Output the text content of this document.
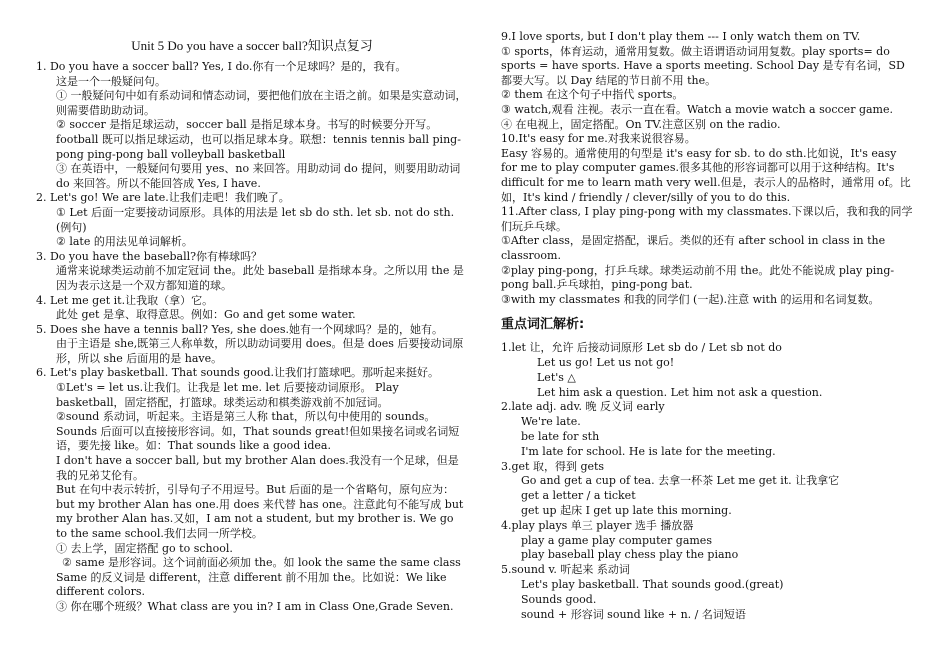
Unit 5 Do you have a soccer ball?知识点复习

1. Do you have a soccer ball? Yes, I do.你有一个足球吗？是的，我有。

这是一个一般疑问句。

① 一般疑问句中如有系动词和情态动词，要把他们放在主语之前。如果是实意动词，则需要借助助动词。

② soccer 是指足球运动，soccer ball 是指足球本身。书写的时候要分开写。football 既可以指足球运动，也可以指足球本身。联想：tennis tennis ball ping-pong ping-pong ball volleyball basketball

③ 在英语中，一般疑问句要用 yes、no 来回答。用助动词 do 提问，则要用助动词 do 来回答。所以不能回答成 Yes, I have.

2. Let's go! We are late.让我们走吧！我们晚了。

① Let 后面一定要接动词原形。具体的用法是 let sb do sth. let sb. not do sth. (例句)

② late 的用法见单词解析。

3. Do you have the baseball?你有棒球吗？

通常来说球类运动前不加定冠词 the。此处 baseball 是指球本身。之所以用 the 是因为表示这是一个双方都知道的球。

4. Let me get it.让我取（拿）它。

此处 get 是拿、取得意思。例如：Go and get some water.

5. Does she have a tennis ball? Yes, she does.她有一个网球吗？是的，她有。

由于主语是 she,既第三人称单数，所以助动词要用 does。但是 does 后要接动词原形，所以 she 后面用的是 have。

6. Let's play basketball. That sounds good.让我们打篮球吧。那听起来挺好。

①Let's = let us.让我们。让我是 let me. let 后要接动词原形。 Play basketball，固定搭配，打篮球。球类运动和棋类游戏前不加冠词。

②sound 系动词，听起来。主语是第三人称 that，所以句中使用的 sounds。Sounds 后面可以直接接形容词。如，That sounds great!但如果接名词或名词短语，要先接 like。如：That sounds like a good idea.

I don't have a soccer ball, but my brother Alan does.我没有一个足球，但是我的兄弟艾伦有。

But 在句中表示转折，引导句子不用逗号。But 后面的是一个省略句，原句应为：but my brother Alan has one.用 does 来代替 has one。注意此句不能写成 but my brother Alan has.又如，I am not a student, but my brother is. We go to the same school.我们去同一所学校。

① 去上学，固定搭配 go to school.

② same 是形容词。这个词前面必须加 the。如 look the same the same class

Same 的反义词是 different，注意 different 前不用加 the。比如说：We like different colors.

③ 你在哪个班级？What class are you in? I am in Class One,Grade Seven.

9.I love sports, but I don't play them --- I only watch them on TV.

① sports，体育运动，通常用复数。做主语谓语动词用复数。play sports= do sports = have sports. Have a sports meeting. School Day 是专有名词，SD 都要大写。以 Day 结尾的节日前不用 the。

② them 在这个句子中指代 sports。

③ watch,观看 注视。表示一直在看。Watch a movie watch a soccer game.

④ 在电视上，固定搭配。On TV.注意区别 on the radio.

10.It's easy for me.对我来说很容易。

Easy 容易的。通常使用的句型是 it's easy for sb. to do sth.比如说，It's easy for me to play computer games.很多其他的形容词都可以用于这种结构。It's difficult for me to learn math very well.但是，表示人的品格时，通常用 of。比如，It's kind / friendly / clever/silly of you to do this.

11.After class, I play ping-pong with my classmates.下课以后，我和我的同学们玩乒乓球。

①After class，是固定搭配，课后。类似的还有 after school in class in the classroom.

②play ping-pong，打乒乓球。球类运动前不用 the。此处不能说成 play ping-pong ball.乒乓球拍，ping-pong bat.

③with my classmates 和我的同学们 (一起).注意 with 的运用和名词复数。

重点词汇解析:

1.let 让，允许 后接动词原形 Let sb do / Let sb not do

Let us go! Let us not go!

Let's △

Let him ask a question. Let him not ask a question.

2.late adj. adv. 晚 反义词 early

We're late.

be late for sth

I'm late for school. He is late for the meeting.

3.get 取，得到 gets

Go and get a cup of tea. 去拿一杯茶 Let me get it. 让我拿它

get a letter / a ticket

get up 起床 I get up late this morning.

4.play plays 单三 player 选手 播放器

play a game play computer games

play baseball play chess play the piano

5.sound v. 听起来 系动词

Let's play basketball. That sounds good.(great)

Sounds good.

sound + 形容词 sound like + n. / 名词短语
